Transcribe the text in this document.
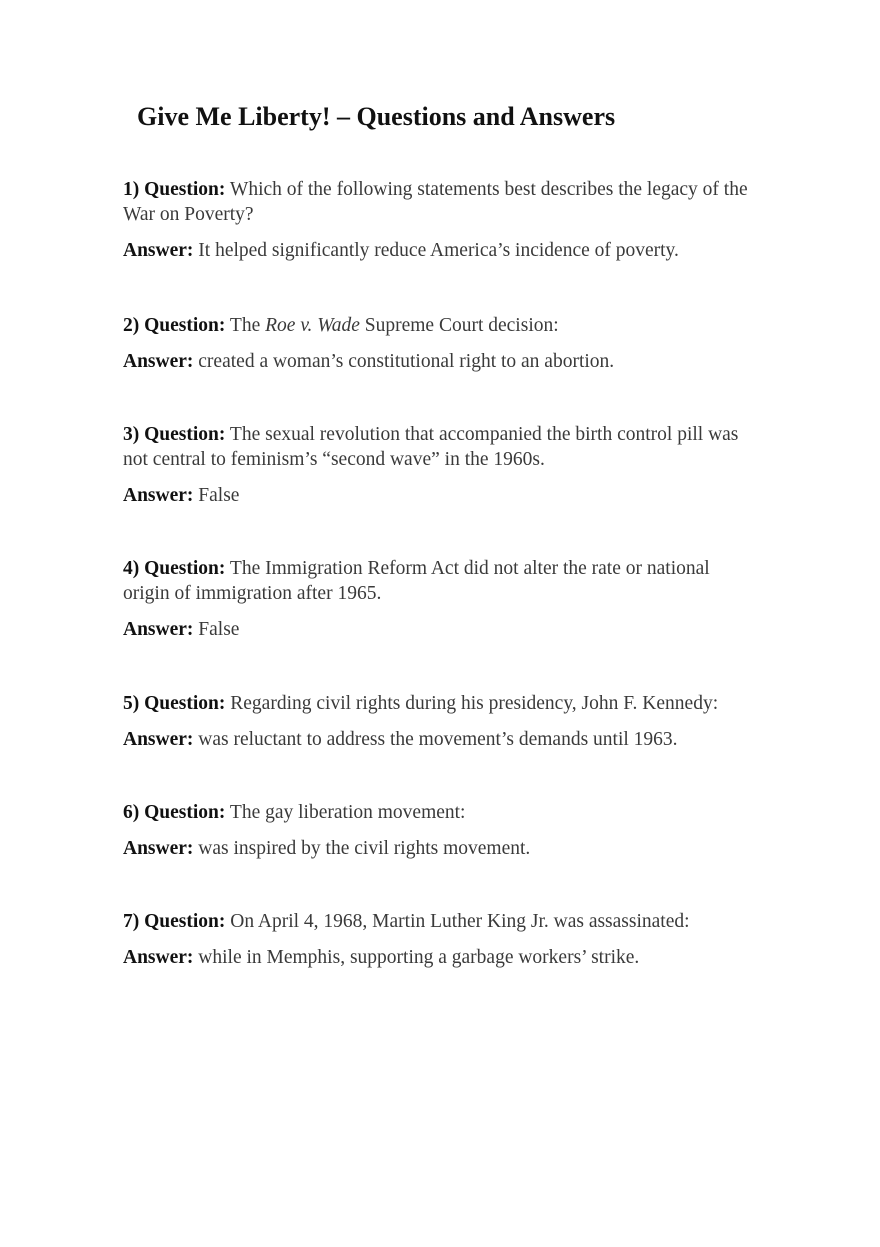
Give Me Liberty! – Questions and Answers

1) Question: Which of the following statements best describes the legacy of the War on Poverty?

Answer: It helped significantly reduce America’s incidence of poverty.

2) Question: The Roe v. Wade Supreme Court decision:

Answer: created a woman’s constitutional right to an abortion.

3) Question: The sexual revolution that accompanied the birth control pill was not central to feminism’s “second wave” in the 1960s.

Answer: False

4) Question: The Immigration Reform Act did not alter the rate or national origin of immigration after 1965.

Answer: False

5) Question: Regarding civil rights during his presidency, John F. Kennedy:

Answer: was reluctant to address the movement’s demands until 1963.

6) Question: The gay liberation movement:

Answer: was inspired by the civil rights movement.

7) Question: On April 4, 1968, Martin Luther King Jr. was assassinated:

Answer: while in Memphis, supporting a garbage workers’ strike.
